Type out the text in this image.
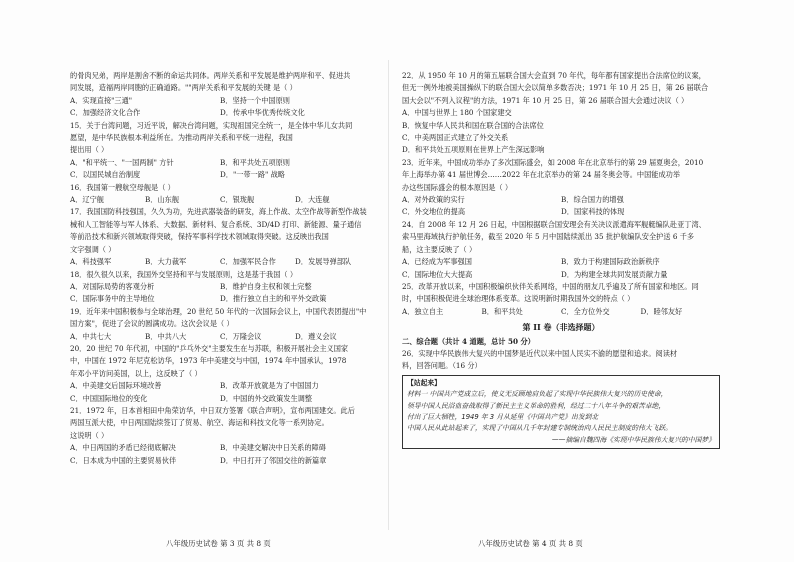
的骨肉兄弟，两岸是割舍不断的命运共同体。两岸关系和平发展是维护两岸和平、促进共
同发展，造福两岸同胞的正确道路。""两岸关系和平发展的关键 是（ ）
A．实现直接"三通"	B．坚持一个中国原则
C．加强经济文化合作	D．传承中华优秀传统文化
15．关于台湾问题，习近平说，解决台湾问题，实现祖国完全统一，是全体中华儿女共同
愿望，是中华民族根本利益所在。为推动两岸关系和平统一进程，我国
提出用（ ）
A．"和平统一、"一国两制" 方针	B．和平共处五项原则
C．以国民城自治制度	D．"一带一路" 战略
16．我国第一艘航空母舰是（ ）
A．辽宁舰	B．山东舰	C．银珑舰	D．大连舰
17．我国国防科技强国，久久为功，先进武器装备的研发，海上作战、太空作战等新型作战装
械和人工智能等与军人体系、大数据、新材料、复合系统、3D/4D 打印、新能源、量子通信
等前沿技术和新兴领域取得突破，保持军事科学技术领域取得突破。这反映出我国
文字强调（ ）
A．科技强军	B．大力裁军	C．加强军民合作	D．发展导弹部队
18．很久很久以来，我国外交坚持和平与发展原则，这是基于我国（ ）
A．对国际局势的客观分析	B．维护自身主权和领土完整
C．国际事务中的主导地位	D．推行独立自主的和平外交政策
19．近年来中国积极参与全球治理，20 世纪 50 年代的一次国际会议上，中国代表团提出"中
国方案"，促进了会议的圆满成功。这次会议是（ ）
A．中共七大	B．中共八大	C．万隆会议	D．遵义会议
20．20 世纪 70 年代初，中国的"乒乓外交"主要发生在与苏联，积极开展社会主义国家
中，中国在 1972 年尼克松访华，1973 年中美建交与中国，1974 年中国承认，1978
年邓小平访问美国，以上，这反映了（ ）
A．中美建交后国际环境改善	B．改革开放就是为了中国国力
C．中国国际地位的变化	D．中国的外交政策发生调整
21．1972 年，日本首相田中角荣访华，中日双方签署《联合声明》，宣布两国建交。此后
两国互派大使，中日两国陆续签订了贸易、航空、海运和科技文化等一系列协定。
这说明（ ）
A．中日两国的矛盾已经彻底解决	B．中美建交解决中日关系的障碍
C．日本成为中国的主要贸易伙伴	D．中日打开了邻国交往的新篇章
22．从 1950 年 10 月的第五届联合国大会直到 70 年代，每年都有国家提出合法席位的议案，
但无一例外地被美国操纵下的联合国大会以简单多数否决；1971 年 10 月 25 日，第 26 届联合
国大会以"不列入议程"的方法，1971 年 10 月 25 日，第 26 届联合国大会通过决议（ ）
A．中国与世界上 180 个国家建交
B．恢复中华人民共和国在联合国的合法席位
C．中美两国正式建立了外交关系
D．和平共处五项原则在世界上产生深远影响
23．近年来，中国成功举办了多次国际盛会，如 2008 年在北京举行的第 29 届夏奥会，2010
年上海举办第 41 届世博会……2022 年在北京举办的第 24 届冬奥会等。中国能成功举
办这些国际盛会的根本原因是（ ）
A．对外政策的实行	B．综合国力的增强
C．外交地位的提高	D．国家科技的体现
24．自 2008 年 12 月 26 日起，中国根据联合国安理会有关决议派遣海军舰艇编队赴亚丁湾、
索马里海域执行护航任务，截至 2020 年 5 月中国陆续派出 35 批护航编队安全护送 6 千多
船，这主要反映了（ ）
A．已经成为军事强国	B．致力于构建国际政治新秩序
C．国际地位大大提高	D．为构建全球共同发展贡献力量
25．改革开放以来，中国积极编织伙伴关系网络，中国的朋友几乎遍及了所有国家和地区。同
时，中国积极促进全球治理体系变革。这说明新时期我国外交的特点（ ）
A．独立自主	B．和平共处	C．全方位外交	D．睦邻友好
第 II 卷（非选择题）
二、综合题（共计 4 道题，总计 50 分）
26．实现中华民族伟大复兴的中国梦是近代以来中国人民实不渝的愿望和追求。阅读材
料，回答问题。（16 分）
【站起来】
材料一 中国共产党成立后，使义无反顾地肩负起了实现中华民族伟大复兴的历史使命，
领导中国人民浴血奋战取得了新民主主义革命的胜利，经过二十八年斗争的艰苦卓绝，
付出了巨大牺牲，1949 年 3 月从延里《中国共产党》出发到北
中国人民从此站起来了，实现了中国从几千年封建专制统治向人民民主制度的伟大飞跃。
——摘编自魏四海《实现中华民族伟大复兴的中国梦》
八年级历史试卷 第 3 页 共 8 页	八年级历史试卷 第 4 页 共 8 页
